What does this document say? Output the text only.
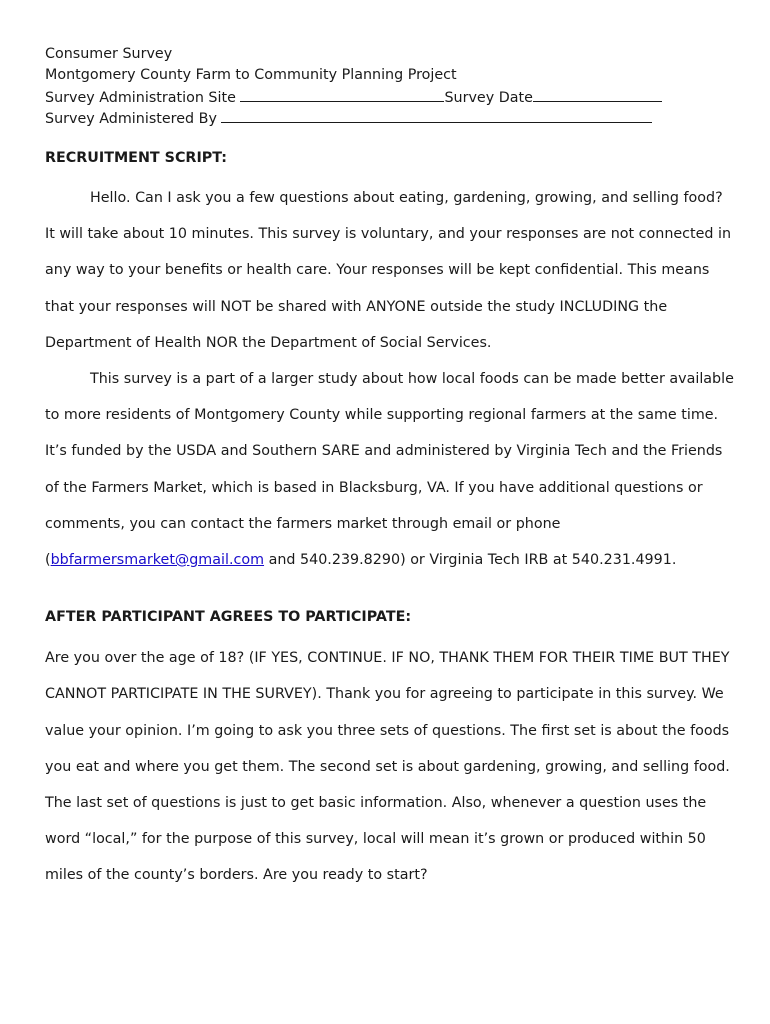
Consumer Survey
Montgomery County Farm to Community Planning Project
Survey Administration Site	Survey Date
Survey Administered By
RECRUITMENT SCRIPT:

Hello. Can I ask you a few questions about eating, gardening, growing, and selling food? It will take about 10 minutes. This survey is voluntary, and your responses are not connected in any way to your benefits or health care. Your responses will be kept confidential. This means that your responses will NOT be shared with ANYONE outside the study INCLUDING the Department of Health NOR the Department of Social Services.

This survey is a part of a larger study about how local foods can be made better available to more residents of Montgomery County while supporting regional farmers at the same time. It’s funded by the USDA and Southern SARE and administered by Virginia Tech and the Friends of the Farmers Market, which is based in Blacksburg, VA. If you have additional questions or comments, you can contact the farmers market through email or phone (bbfarmersmarket@gmail.com and 540.239.8290) or Virginia Tech IRB at 540.231.4991.

AFTER PARTICIPANT AGREES TO PARTICIPATE:

Are you over the age of 18? (IF YES, CONTINUE. IF NO, THANK THEM FOR THEIR TIME BUT THEY CANNOT PARTICIPATE IN THE SURVEY). Thank you for agreeing to participate in this survey. We value your opinion. I’m going to ask you three sets of questions. The first set is about the foods you eat and where you get them. The second set is about gardening, growing, and selling food. The last set of questions is just to get basic information. Also, whenever a question uses the word “local,” for the purpose of this survey, local will mean it’s grown or produced within 50 miles of the county’s borders. Are you ready to start?
